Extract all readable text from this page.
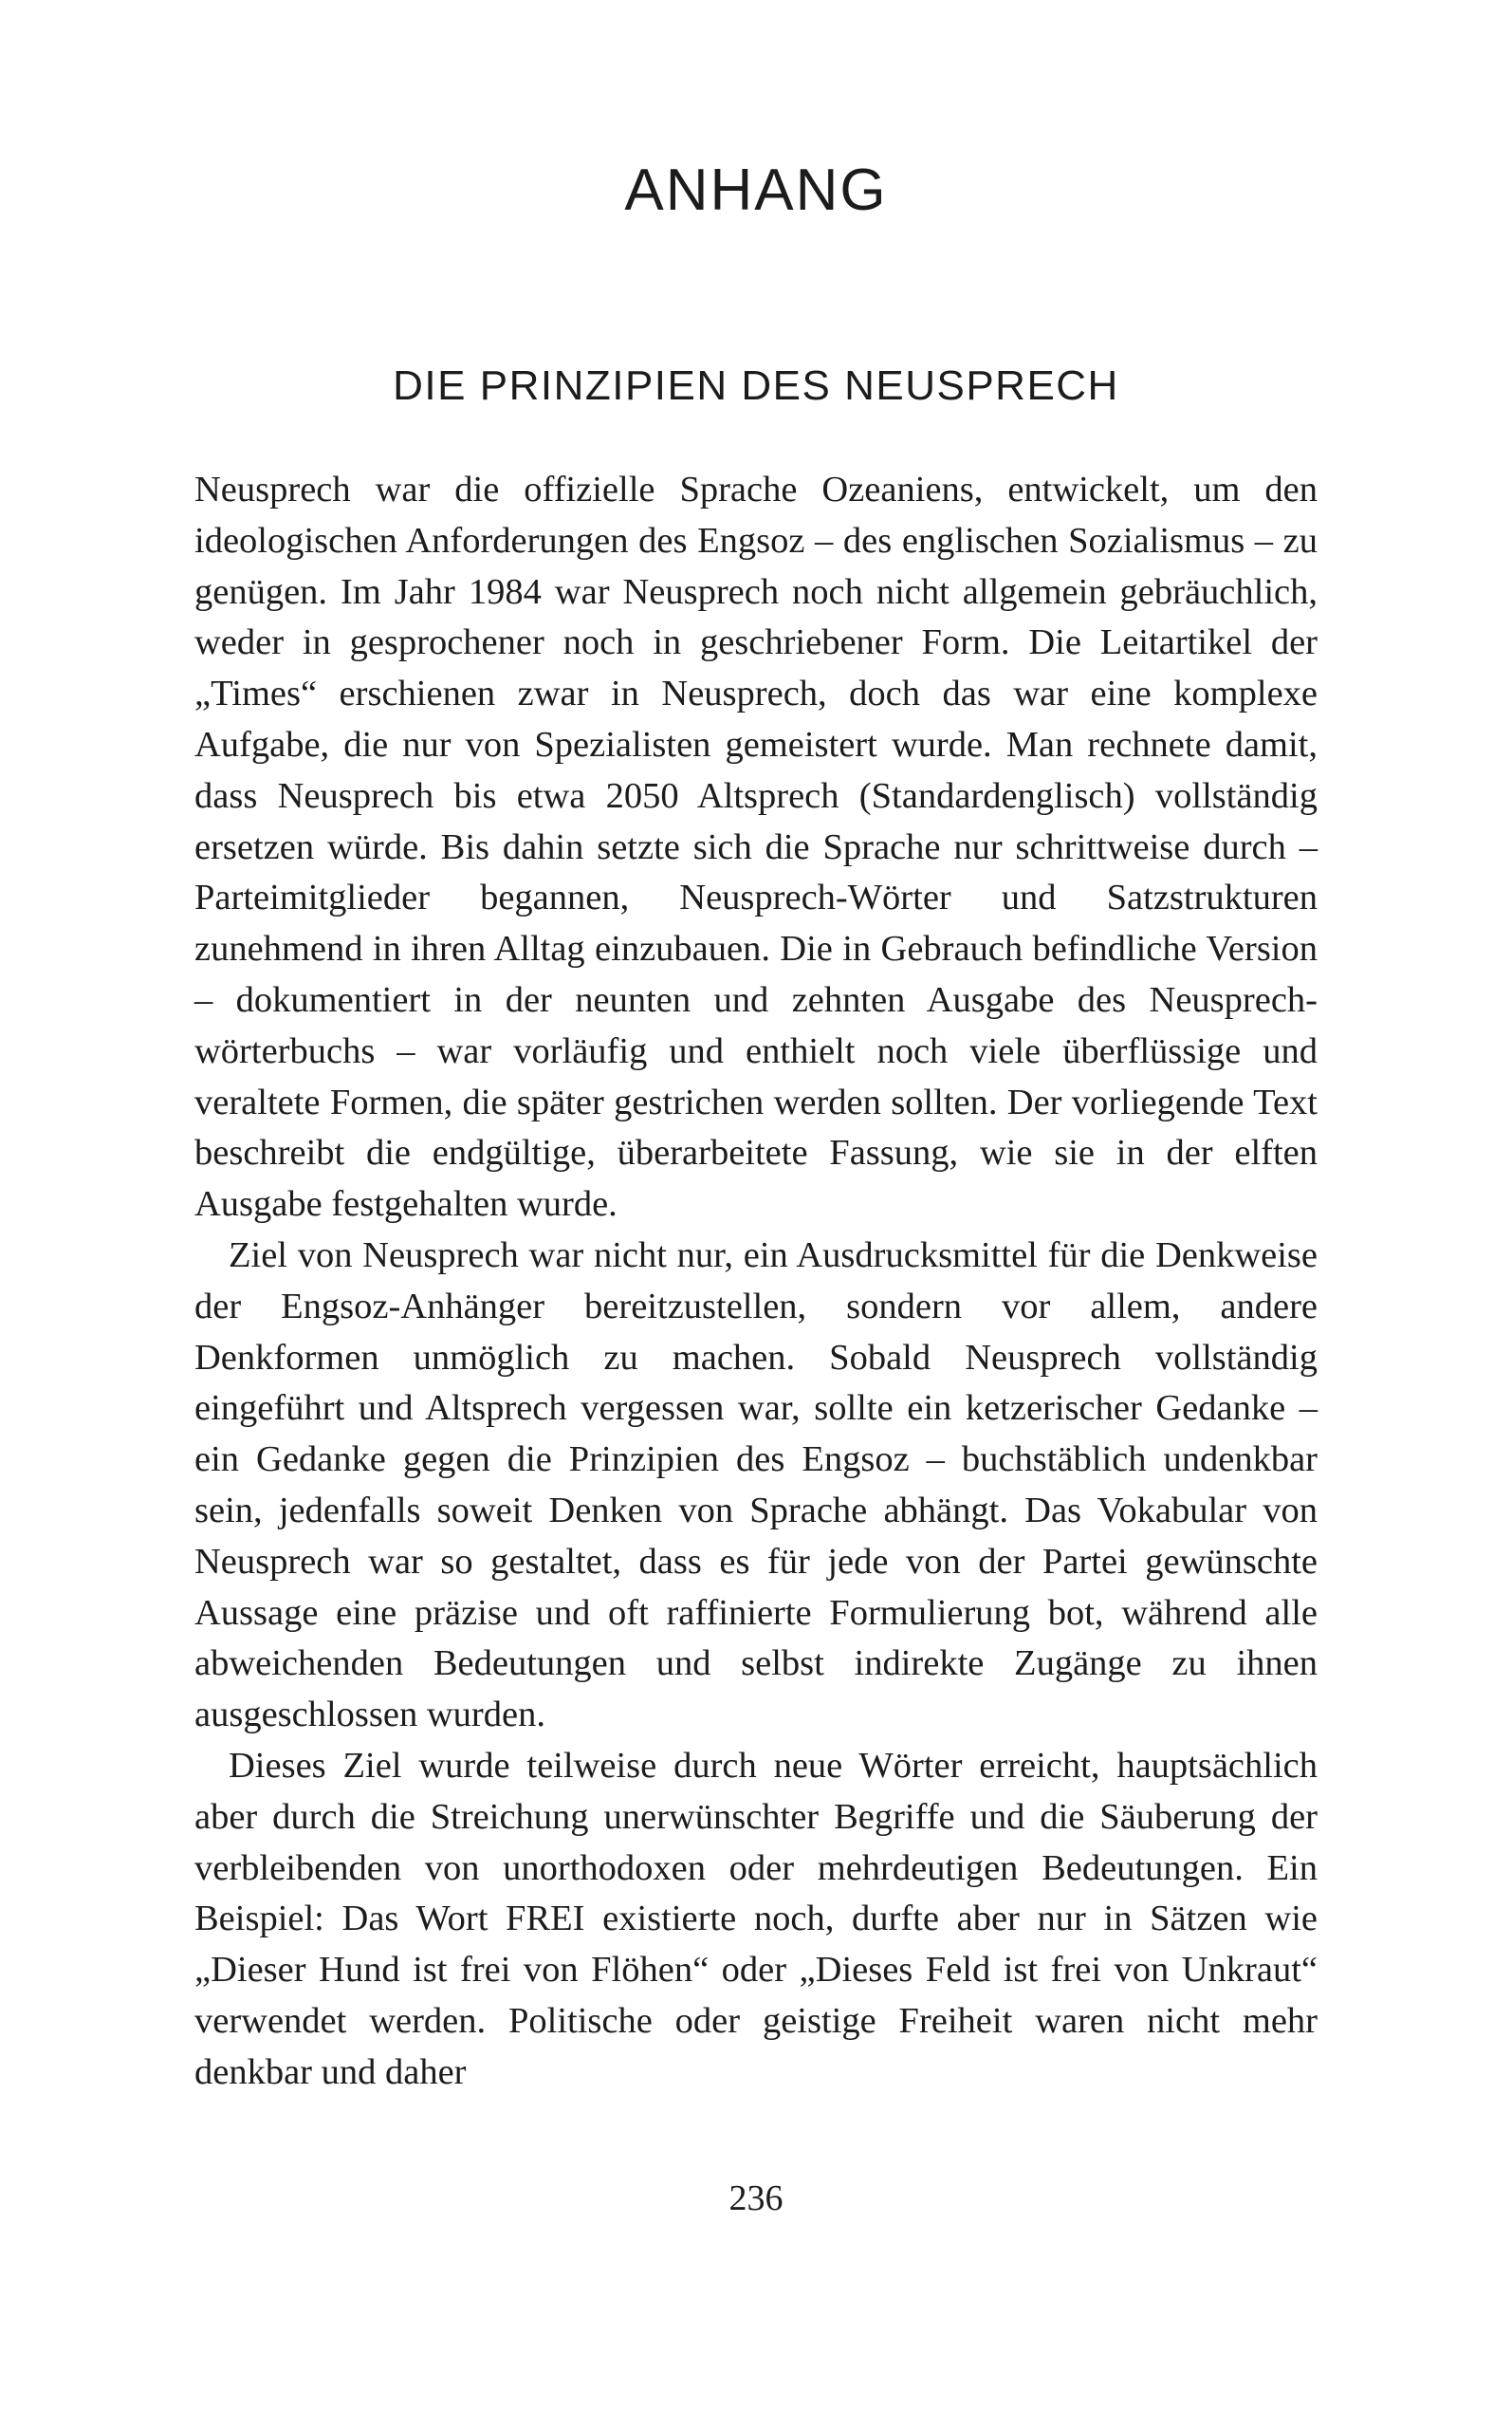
ANHANG
DIE PRINZIPIEN DES NEUSPRECH

Neusprech war die offizielle Sprache Ozeaniens, entwickelt, um den ideologischen Anforderungen des Engsoz – des englischen Sozialismus – zu genügen. Im Jahr 1984 war Neusprech noch nicht allgemein gebräuchlich, weder in gesprochener noch in geschriebener Form. Die Leitartikel der „Times“ erschienen zwar in Neusprech, doch das war eine komplexe Aufgabe, die nur von Spezialisten gemeistert wurde. Man rechnete damit, dass Neusprech bis etwa 2050 Altsprech (Standardenglisch) vollständig ersetzen würde. Bis dahin setzte sich die Sprache nur schrittweise durch – Parteimitglieder begannen, Neusprech-Wörter und Satzstrukturen zunehmend in ihren Alltag einzubauen. Die in Gebrauch befindliche Version – dokumentiert in der neunten und zehnten Ausgabe des Neusprechwörterbuchs – war vorläufig und enthielt noch viele überflüssige und veraltete Formen, die später gestrichen werden sollten. Der vorliegende Text beschreibt die endgültige, überarbeitete Fassung, wie sie in der elften Ausgabe festgehalten wurde.

Ziel von Neusprech war nicht nur, ein Ausdrucksmittel für die Denkweise der Engsoz-Anhänger bereitzustellen, sondern vor allem, andere Denkformen unmöglich zu machen. Sobald Neusprech vollständig eingeführt und Altsprech vergessen war, sollte ein ketzerischer Gedanke – ein Gedanke gegen die Prinzipien des Engsoz – buchstäblich undenkbar sein, jedenfalls soweit Denken von Sprache abhängt. Das Vokabular von Neusprech war so gestaltet, dass es für jede von der Partei gewünschte Aussage eine präzise und oft raffinierte Formulierung bot, während alle abweichenden Bedeutungen und selbst indirekte Zugänge zu ihnen ausgeschlossen wurden.

Dieses Ziel wurde teilweise durch neue Wörter erreicht, hauptsächlich aber durch die Streichung unerwünschter Begriffe und die Säuberung der verbleibenden von unorthodoxen oder mehrdeutigen Bedeutungen. Ein Beispiel: Das Wort FREI existierte noch, durfte aber nur in Sätzen wie „Dieser Hund ist frei von Flöhen“ oder „Dieses Feld ist frei von Unkraut“ verwendet werden. Politische oder geistige Freiheit waren nicht mehr denkbar und daher

236
